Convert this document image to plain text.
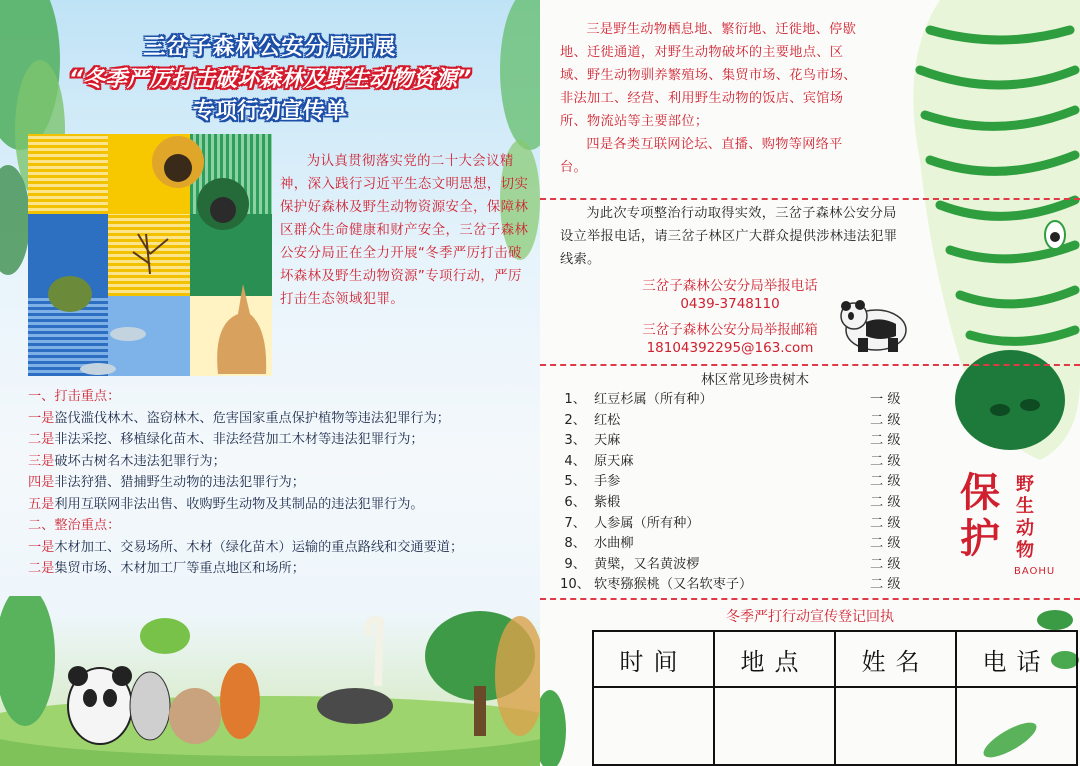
三岔子森林公安分局开展
“冬季严厉打击破坏森林及野生动物资源”
专项行动宣传单
为认真贯彻落实党的二十大会议精神，深入践行习近平生态文明思想，切实保护好森林及野生动物资源安全，保障林区群众生命健康和财产安全，三岔子森林公安分局正在全力开展“冬季严厉打击破坏森林及野生动物资源”专项行动，严厉打击生态领域犯罪。
一、打击重点：
一是盗伐滥伐林木、盗窃林木、危害国家重点保护植物等违法犯罪行为；
二是非法采挖、移植绿化苗木、非法经营加工木材等违法犯罪行为；
三是破坏古树名木违法犯罪行为；
四是非法狩猎、猎捕野生动物的违法犯罪行为；
五是利用互联网非法出售、收购野生动物及其制品的违法犯罪行为。
二、整治重点：
一是木材加工、交易场所、木材（绿化苗木）运输的重点路线和交通要道；
二是集贸市场、木材加工厂等重点地区和场所；
三是野生动物栖息地、繁衍地、迁徙地、停歇地、迁徙通道，对野生动物破坏的主要地点、区域、野生动物驯养繁殖场、集贸市场、花鸟市场、非法加工、经营、利用野生动物的饭店、宾馆场所、物流站等主要部位；
四是各类互联网论坛、直播、购物等网络平台。
为此次专项整治行动取得实效，三岔子森林公安分局设立举报电话，请三岔子林区广大群众提供涉林违法犯罪线索。
三岔子森林公安分局举报电话
0439-3748110
三岔子森林公安分局举报邮箱
18104392295@163.com
林区常见珍贵树木
1、 红豆杉属（所有种）	一 级
2、 红松	二 级
3、 天麻	二 级
4、 原天麻	二 级
5、 手参	二 级
6、 紫椴	二 级
7、 人参属（所有种）	二 级
8、 水曲柳	二 级
9、 黄檗，又名黄波椤	二 级
10、 软枣猕猴桃（又名软枣子）	二 级
保护
野生动物
BAOHU
冬季严打行动宣传登记回执
时间	地点	姓名	电话
